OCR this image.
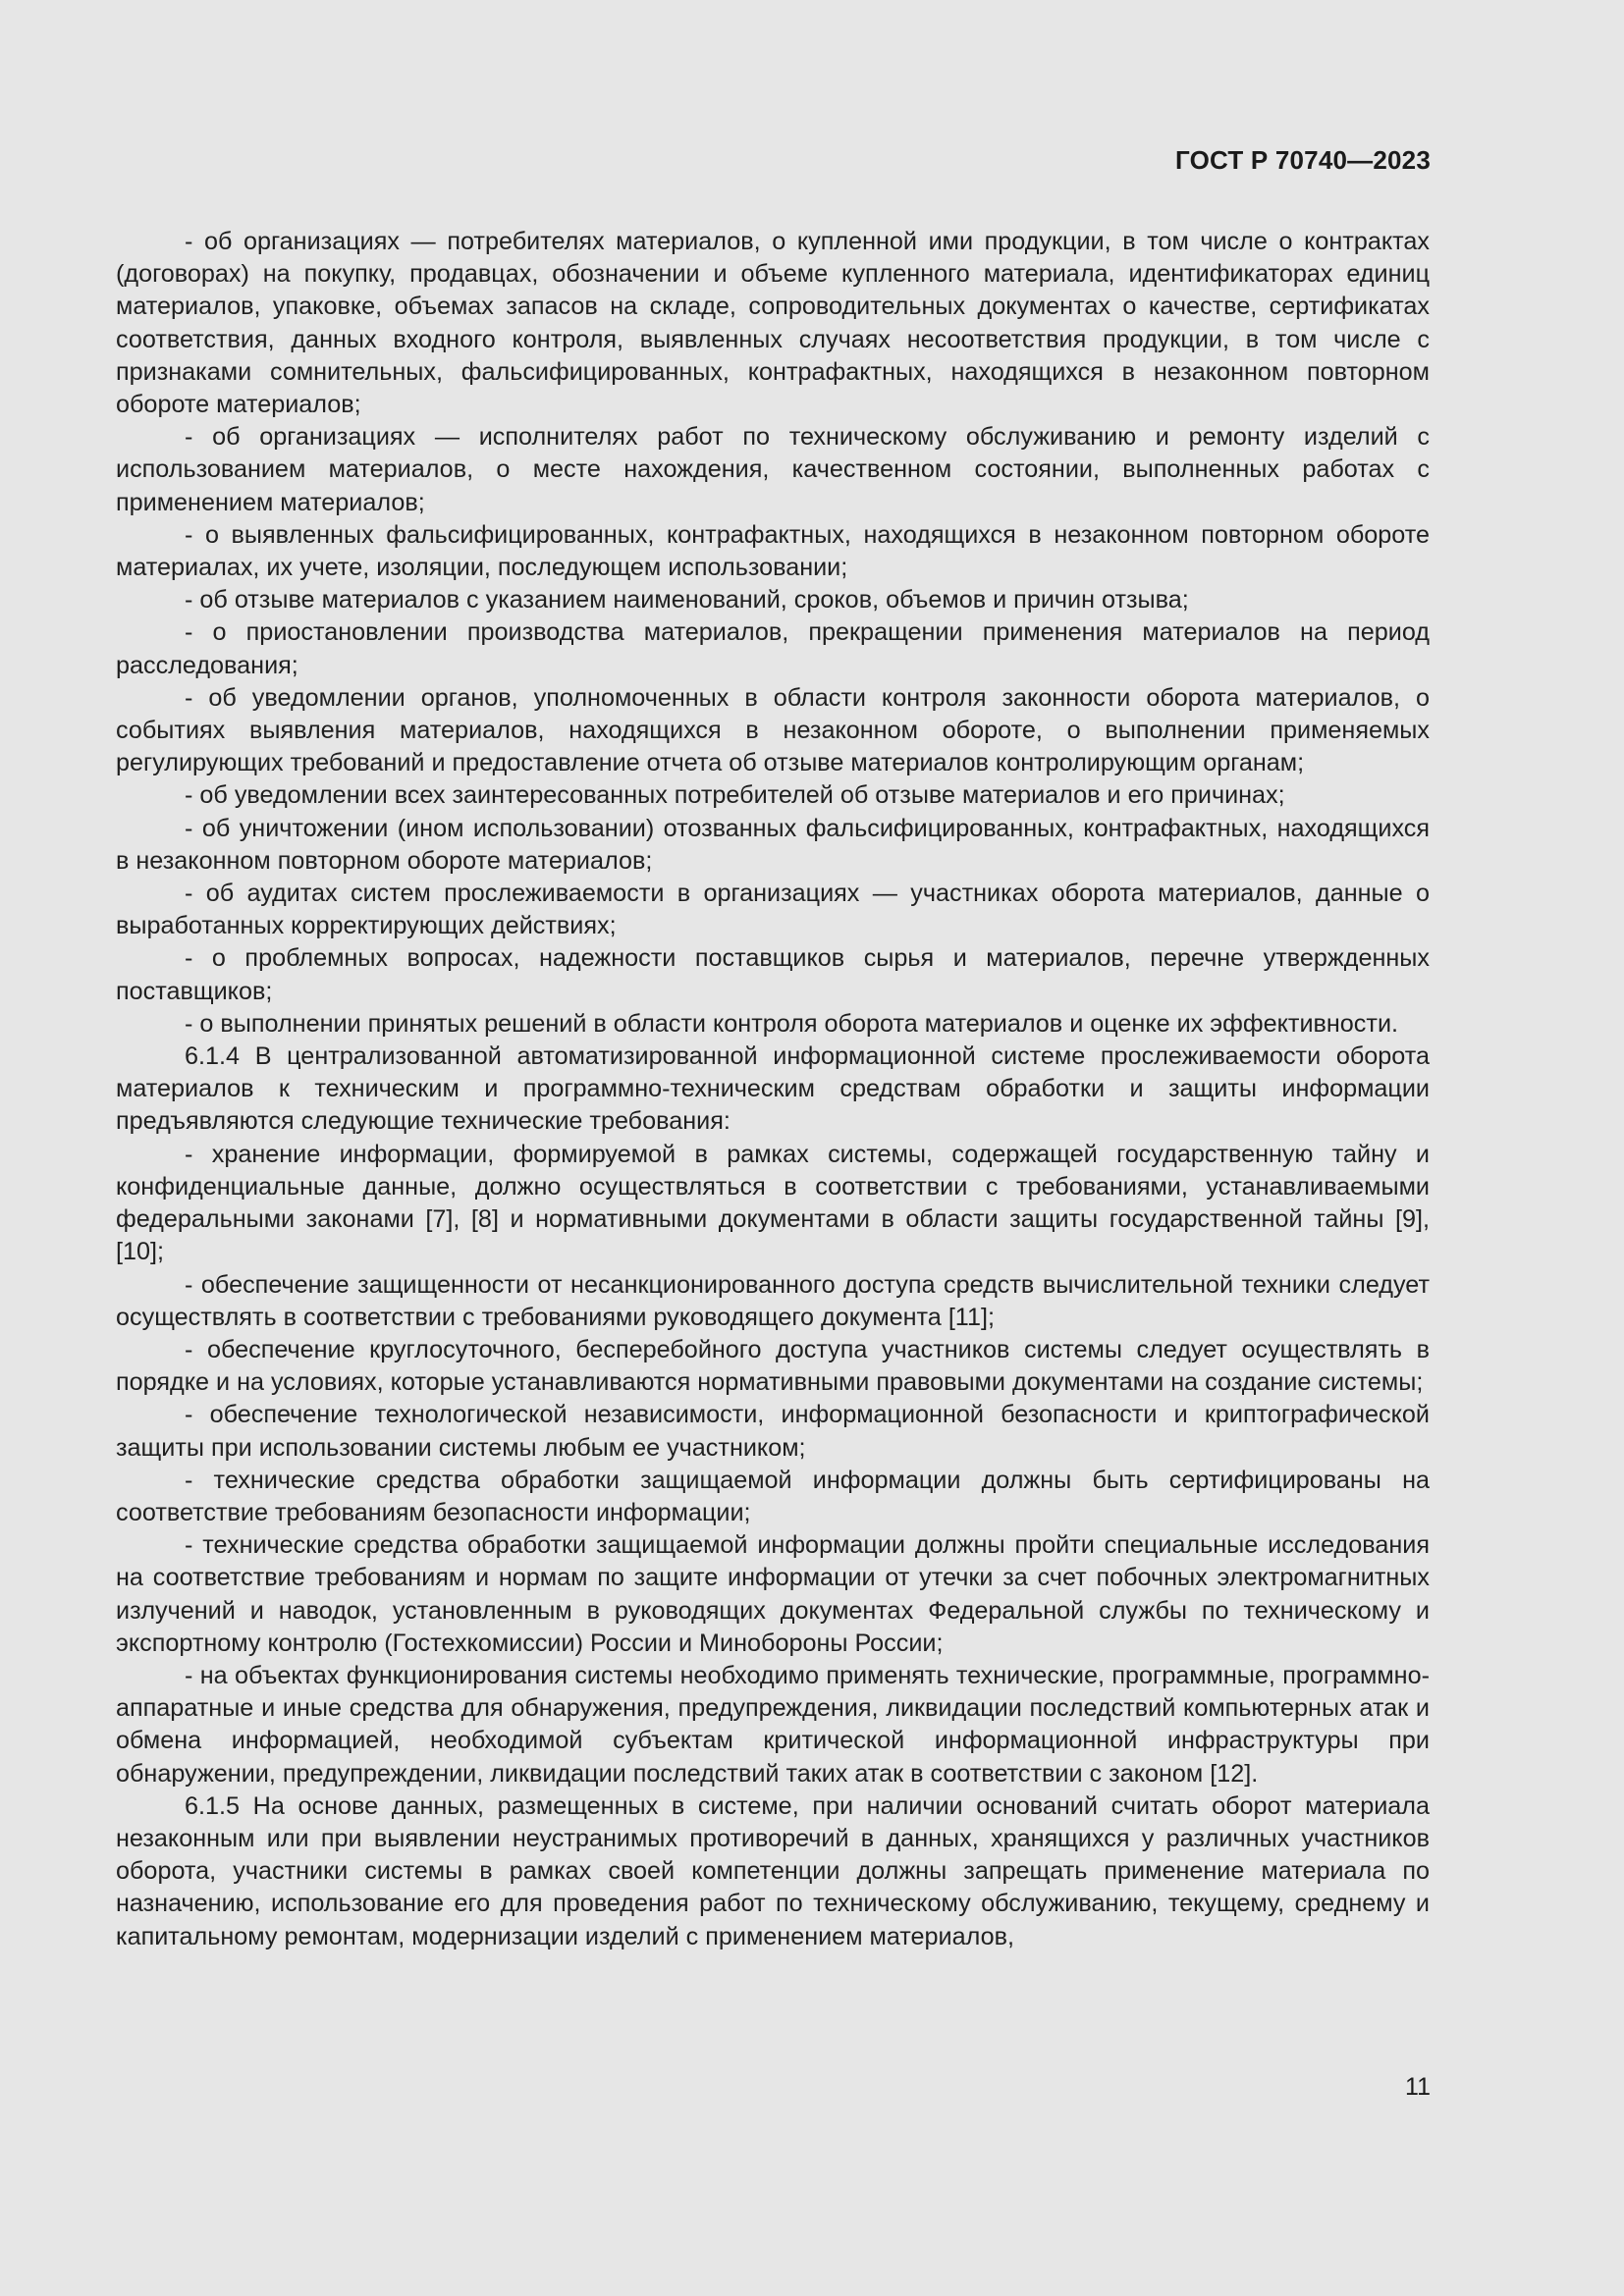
ГОСТ Р 70740—2023

- об организациях — потребителях материалов, о купленной ими продукции, в том числе о контрактах (договорах) на покупку, продавцах, обозначении и объеме купленного материала, идентификаторах единиц материалов, упаковке, объемах запасов на складе, сопроводительных документах о качестве, сертификатах соответствия, данных входного контроля, выявленных случаях несоответствия продукции, в том числе с признаками сомнительных, фальсифицированных, контрафактных, находящихся в незаконном повторном обороте материалов;

- об организациях — исполнителях работ по техническому обслуживанию и ремонту изделий с использованием материалов, о месте нахождения, качественном состоянии, выполненных работах с применением материалов;

- о выявленных фальсифицированных, контрафактных, находящихся в незаконном повторном обороте материалах, их учете, изоляции, последующем использовании;

- об отзыве материалов с указанием наименований, сроков, объемов и причин отзыва;

- о приостановлении производства материалов, прекращении применения материалов на период расследования;

- об уведомлении органов, уполномоченных в области контроля законности оборота материалов, о событиях выявления материалов, находящихся в незаконном обороте, о выполнении применяемых регулирующих требований и предоставление отчета об отзыве материалов контролирующим органам;

- об уведомлении всех заинтересованных потребителей об отзыве материалов и его причинах;

- об уничтожении (ином использовании) отозванных фальсифицированных, контрафактных, находящихся в незаконном повторном обороте материалов;

- об аудитах систем прослеживаемости в организациях — участниках оборота материалов, данные о выработанных корректирующих действиях;

- о проблемных вопросах, надежности поставщиков сырья и материалов, перечне утвержденных поставщиков;

- о выполнении принятых решений в области контроля оборота материалов и оценке их эффективности.

6.1.4 В централизованной автоматизированной информационной системе прослеживаемости оборота материалов к техническим и программно-техническим средствам обработки и защиты информации предъявляются следующие технические требования:

- хранение информации, формируемой в рамках системы, содержащей государственную тайну и конфиденциальные данные, должно осуществляться в соответствии с требованиями, устанавливаемыми федеральными законами [7], [8] и нормативными документами в области защиты государственной тайны [9], [10];

- обеспечение защищенности от несанкционированного доступа средств вычислительной техники следует осуществлять в соответствии с требованиями руководящего документа [11];

- обеспечение круглосуточного, бесперебойного доступа участников системы следует осуществлять в порядке и на условиях, которые устанавливаются нормативными правовыми документами на создание системы;

- обеспечение технологической независимости, информационной безопасности и криптографической защиты при использовании системы любым ее участником;

- технические средства обработки защищаемой информации должны быть сертифицированы на соответствие требованиям безопасности информации;

- технические средства обработки защищаемой информации должны пройти специальные исследования на соответствие требованиям и нормам по защите информации от утечки за счет побочных электромагнитных излучений и наводок, установленным в руководящих документах Федеральной службы по техническому и экспортному контролю (Гостехкомиссии) России и Минобороны России;

- на объектах функционирования системы необходимо применять технические, программные, программно-аппаратные и иные средства для обнаружения, предупреждения, ликвидации последствий компьютерных атак и обмена информацией, необходимой субъектам критической информационной инфраструктуры при обнаружении, предупреждении, ликвидации последствий таких атак в соответствии с законом [12].

6.1.5 На основе данных, размещенных в системе, при наличии оснований считать оборот материала незаконным или при выявлении неустранимых противоречий в данных, хранящихся у различных участников оборота, участники системы в рамках своей компетенции должны запрещать применение материала по назначению, использование его для проведения работ по техническому обслуживанию, текущему, среднему и капитальному ремонтам, модернизации изделий с применением материалов,

11
